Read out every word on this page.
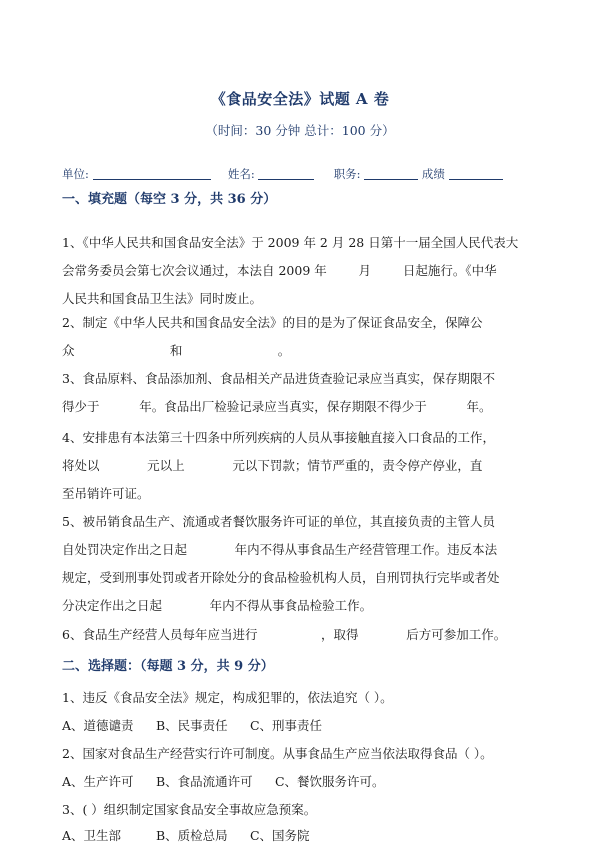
《食品安全法》试题 A 卷
（时间：30 分钟 总计：100 分）
单位:	姓名:	职务:	成绩
一、填充题（每空 3 分，共 36 分）
1、《中华人民共和国食品安全法》于 2009 年 2 月 28 日第十一届全国人民代表大
会常务委员会第七次会议通过，本法自 2009 年        月        日起施行。《中华
人民共和国食品卫生法》同时废止。
2、制定《中华人民共和国食品安全法》的目的是为了保证食品安全，保障公
众                        和                        。
3、食品原料、食品添加剂、食品相关产品进货查验记录应当真实，保存期限不
得少于          年。食品出厂检验记录应当真实，保存期限不得少于          年。
4、安排患有本法第三十四条中所列疾病的人员从事接触直接入口食品的工作，
将处以            元以上            元以下罚款；情节严重的，责令停产停业，直
至吊销许可证。
5、被吊销食品生产、流通或者餐饮服务许可证的单位，其直接负责的主管人员
自处罚决定作出之日起            年内不得从事食品生产经营管理工作。违反本法
规定，受到刑事处罚或者开除处分的食品检验机构人员，自刑罚执行完毕或者处
分决定作出之日起            年内不得从事食品检验工作。
6、食品生产经营人员每年应当进行                ，取得            后方可参加工作。
二、选择题：（每题 3 分，共 9 分）
1、违反《食品安全法》规定，构成犯罪的，依法追究（ ）。
A、道德谴责 B、民事责任 C、刑事责任
2、国家对食品生产经营实行许可制度。从事食品生产应当依法取得食品（ ）。
A、生产许可 B、食品流通许可 C、餐饮服务许可。
3、( ）组织制定国家食品安全事故应急预案。
A、卫生部	B、质检总局 C、国务院
